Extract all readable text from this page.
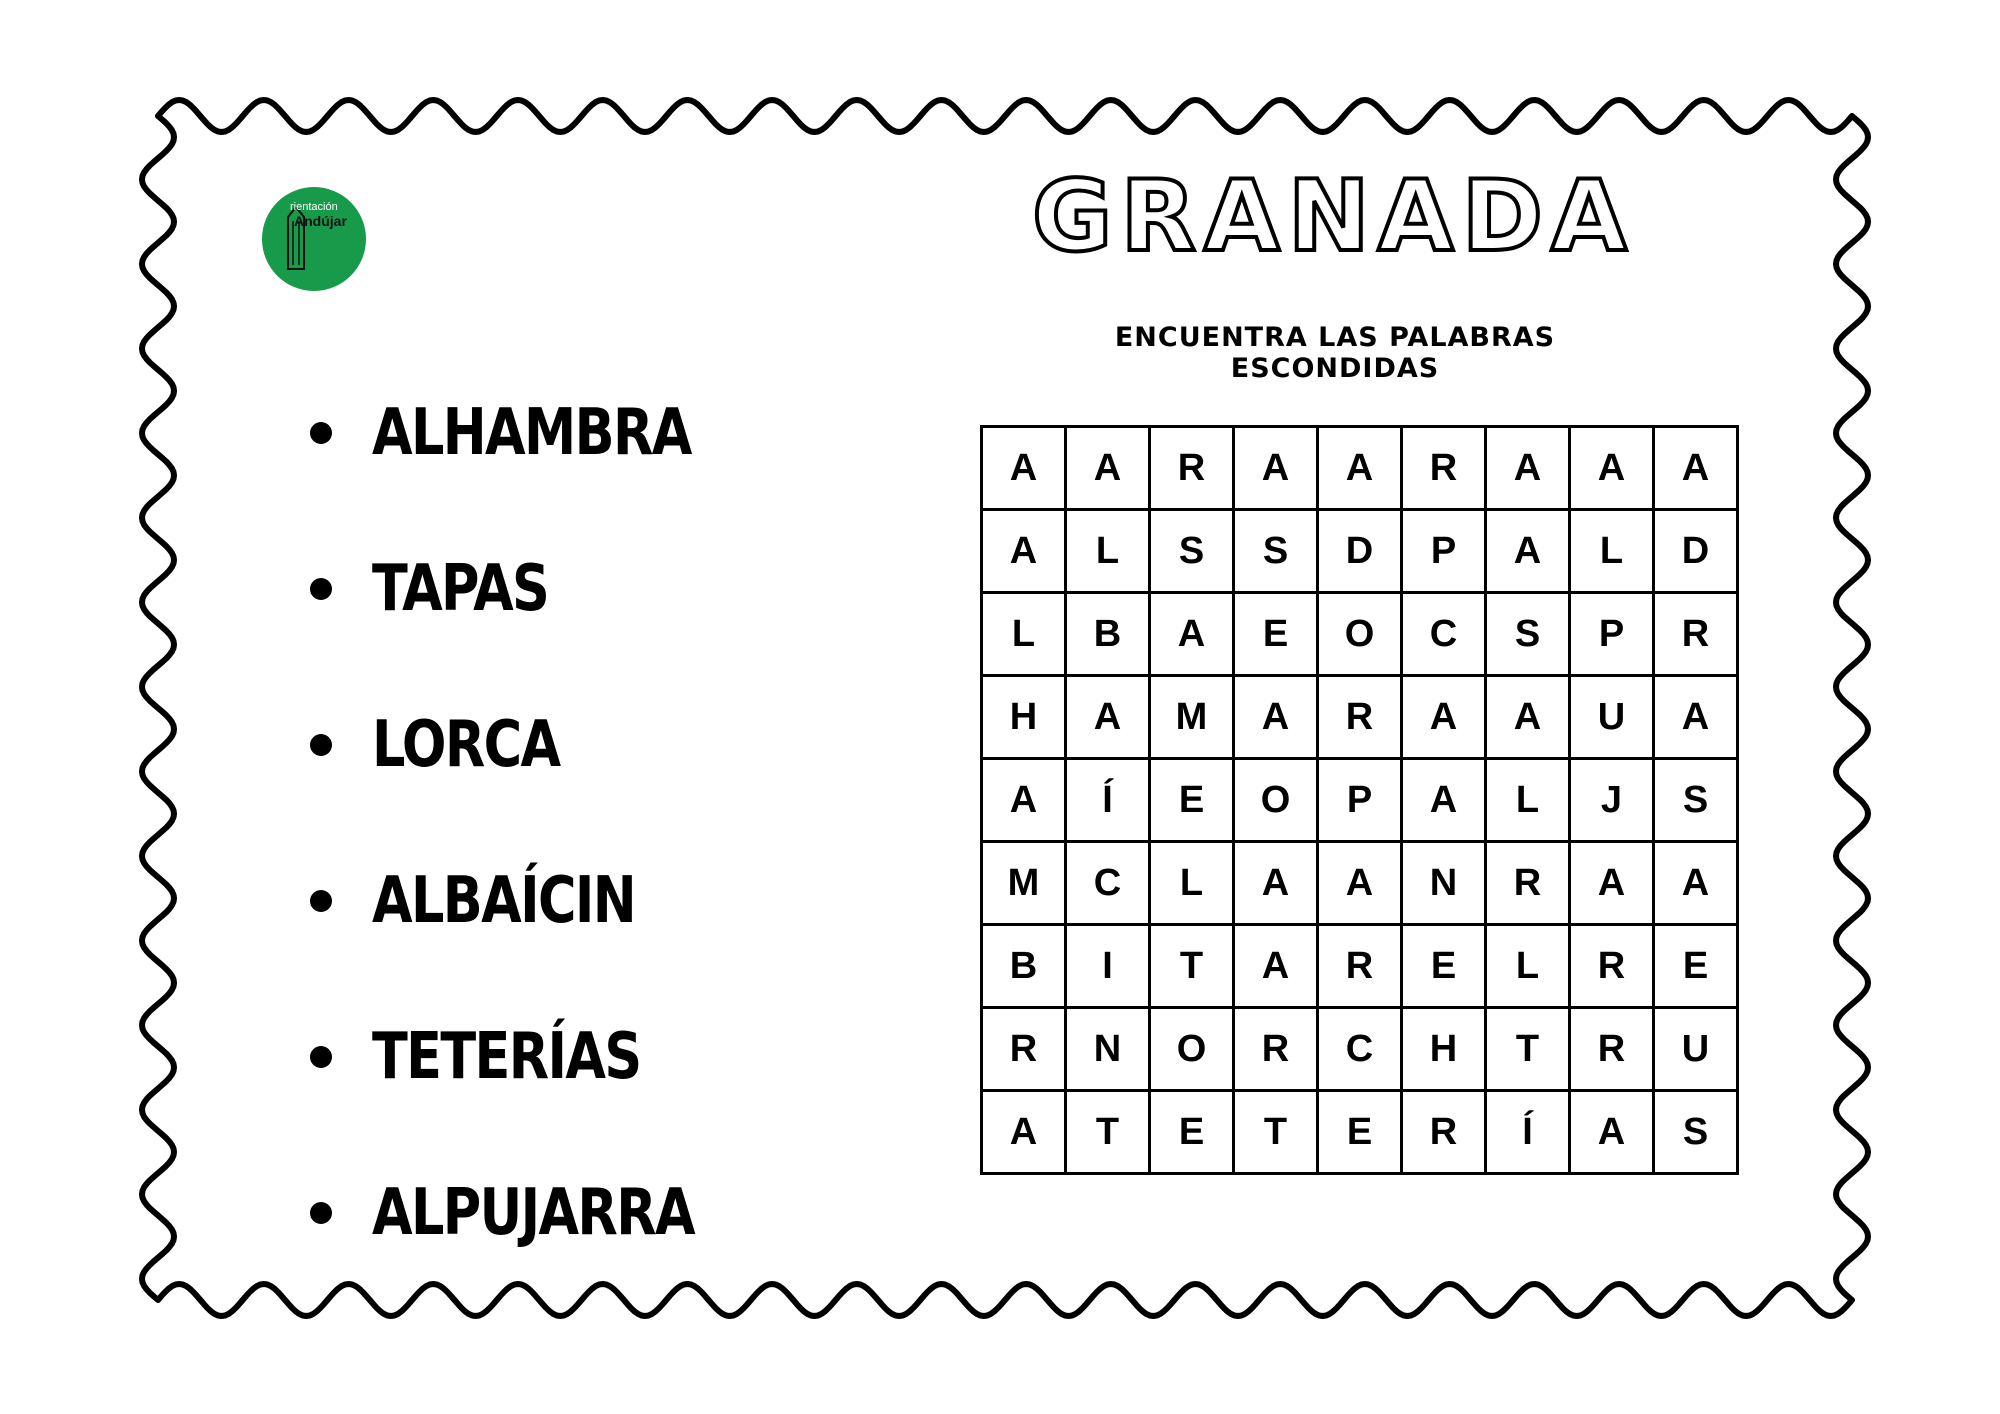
rientación
Andújar	GRANADA
ENCUENTRA LAS PALABRAS ESCONDIDAS
ALHAMBRA
TAPAS
LORCA
ALBAÍCIN
TETERÍAS
ALPUJARRA
A	A	R	A	A	R	A	A	A
A	L	S	S	D	P	A	L	D
L	B	A	E	O	C	S	P	R
H	A	M	A	R	A	A	U	A
A	Í	E	O	P	A	L	J	S
M	C	L	A	A	N	R	A	A
B	I	T	A	R	E	L	R	E
R	N	O	R	C	H	T	R	U
A	T	E	T	E	R	Í	A	S
